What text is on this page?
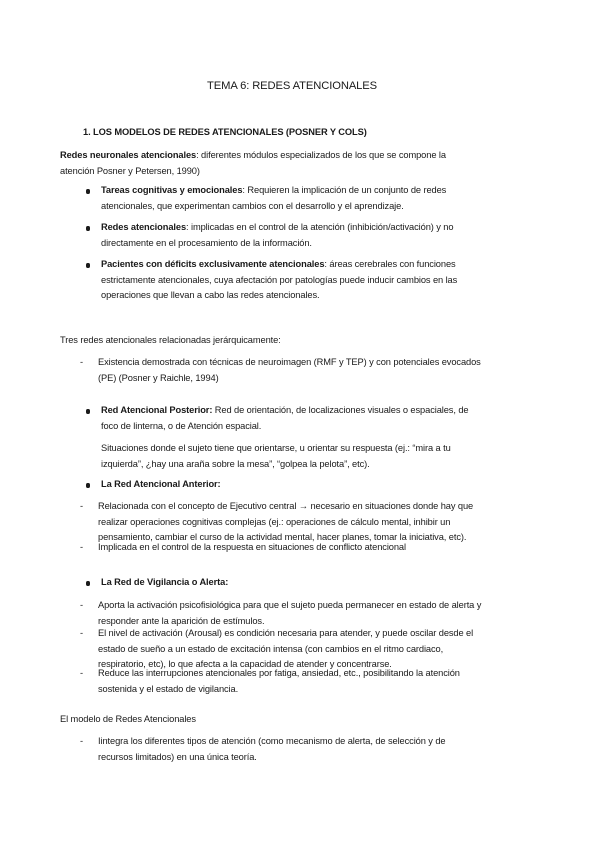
TEMA 6: REDES ATENCIONALES
1. LOS MODELOS DE REDES ATENCIONALES (POSNER Y COLS)
Redes neuronales atencionales: diferentes módulos especializados de los que se compone la
atención Posner y Petersen, 1990)
Tareas cognitivas y emocionales: Requieren la implicación de un conjunto de redes
atencionales, que experimentan cambios con el desarrollo y el aprendizaje.
Redes atencionales: implicadas en el control de la atención (inhibición/activación) y no
directamente en el procesamiento de la información.
Pacientes con déficits exclusivamente atencionales: áreas cerebrales con funciones
estrictamente atencionales, cuya afectación por patologías puede inducir cambios en las
operaciones que llevan a cabo las redes atencionales.
Tres redes atencionales relacionadas jerárquicamente:
- Existencia demostrada con técnicas de neuroimagen (RMF y TEP) y con potenciales evocados
(PE) (Posner y Raichle, 1994)
Red Atencional Posterior: Red de orientación, de localizaciones visuales o espaciales, de
foco de linterna, o de Atención espacial.
Situaciones donde el sujeto tiene que orientarse, u orientar su respuesta (ej.: “mira a tu
izquierda”, ¿hay una araña sobre la mesa”, “golpea la pelota”, etc).
La Red Atencional Anterior:
- Relacionada con el concepto de Ejecutivo central → necesario en situaciones donde hay que
realizar operaciones cognitivas complejas (ej.: operaciones de cálculo mental, inhibir un
pensamiento, cambiar el curso de la actividad mental, hacer planes, tomar la iniciativa, etc).
- Implicada en el control de la respuesta en situaciones de conflicto atencional
La Red de Vigilancia o Alerta:
- Aporta la activación psicofisiológica para que el sujeto pueda permanecer en estado de alerta y
responder ante la aparición de estímulos.
- El nivel de activación (Arousal) es condición necesaria para atender, y puede oscilar desde el
estado de sueño a un estado de excitación intensa (con cambios en el ritmo cardiaco,
respiratorio, etc), lo que afecta a la capacidad de atender y concentrarse.
- Reduce las interrupciones atencionales por fatiga, ansiedad, etc., posibilitando la atención
sostenida y el estado de vigilancia.
El modelo de Redes Atencionales
- Iintegra los diferentes tipos de atención (como mecanismo de alerta, de selección y de
recursos limitados) en una única teoría.
